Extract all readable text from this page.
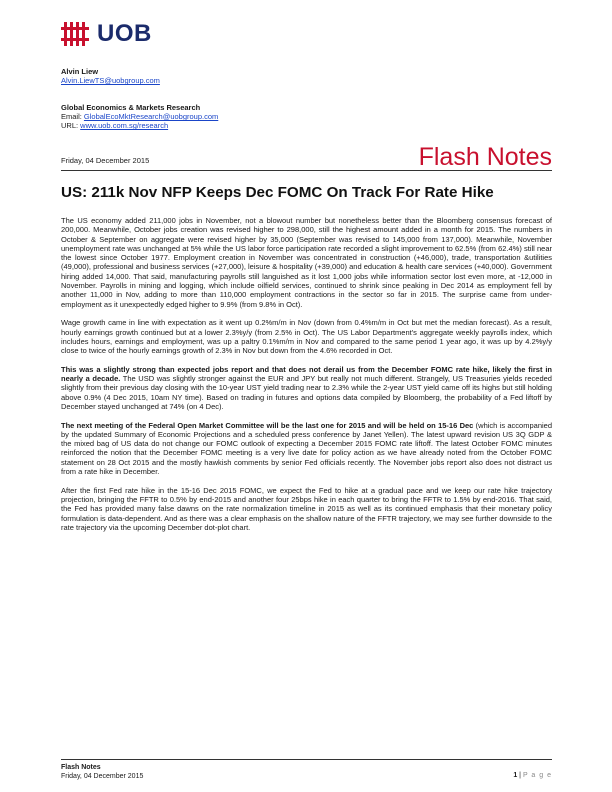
UOB
Alvin Liew
Alvin.LiewTS@uobgroup.com
Global Economics & Markets Research
Email: GlobalEcoMktResearch@uobgroup.com
URL: www.uob.com.sg/research
Friday, 04 December 2015	Flash Notes
US: 211k Nov NFP Keeps Dec FOMC On Track For Rate Hike

The US economy added 211,000 jobs in November, not a blowout number but nonetheless better than the Bloomberg consensus forecast of 200,000. Meanwhile, October jobs creation was revised higher to 298,000, still the highest amount added in a month for 2015. The numbers in October & September on aggregate were revised higher by 35,000 (September was revised to 145,000 from 137,000). Meanwhile, November unemployment rate was unchanged at 5% while the US labor force participation rate recorded a slight improvement to 62.5% (from 62.4%) still near the lowest since October 1977. Employment creation in November was concentrated in construction (+46,000), trade, transportation &utilities (49,000), professional and business services (+27,000), leisure & hospitality (+39,000) and education & health care services (+40,000). Government hiring added 14,000. That said, manufacturing payrolls still languished as it lost 1,000 jobs while information sector lost even more, at -12,000 in November. Payrolls in mining and logging, which include oilfield services, continued to shrink since peaking in Dec 2014 as employment fell by another 11,000 in Nov, adding to more than 110,000 employment contractions in the sector so far in 2015. The surprise came from under-employment as it unexpectedly edged higher to 9.9% (from 9.8% in Oct).

Wage growth came in line with expectation as it went up 0.2%m/m in Nov (down from 0.4%m/m in Oct but met the median forecast). As a result, hourly earnings growth continued but at a lower 2.3%y/y (from 2.5% in Oct). The US Labor Department's aggregate weekly payrolls index, which includes hours, earnings and employment, was up a paltry 0.1%m/m in Nov and compared to the same period 1 year ago, it was up by 4.2%y/y close to twice of the hourly earnings growth of 2.3% in Nov but down from the 4.6% recorded in Oct.

This was a slightly strong than expected jobs report and that does not derail us from the December FOMC rate hike, likely the first in nearly a decade. The USD was slightly stronger against the EUR and JPY but really not much different. Strangely, US Treasuries yields receded slightly from their previous day closing with the 10-year UST yield trading near to 2.3% while the 2-year UST yield came off its highs but still holding above 0.9% (4 Dec 2015, 10am NY time). Based on trading in futures and options data compiled by Bloomberg, the probability of a Fed liftoff by December stayed unchanged at 74% (on 4 Dec).

The next meeting of the Federal Open Market Committee will be the last one for 2015 and will be held on 15-16 Dec (which is accompanied by the updated Summary of Economic Projections and a scheduled press conference by Janet Yellen). The latest upward revision US 3Q GDP & the mixed bag of US data do not change our FOMC outlook of expecting a December 2015 FOMC rate liftoff. The latest October FOMC minutes reinforced the notion that the December FOMC meeting is a very live date for policy action as we have already noted from the October FOMC statement on 28 Oct 2015 and the mostly hawkish comments by senior Fed officials recently. The November jobs report also does not distract us from a rate hike in December.

After the first Fed rate hike in the 15-16 Dec 2015 FOMC, we expect the Fed to hike at a gradual pace and we keep our rate hike trajectory projection, bringing the FFTR to 0.5% by end-2015 and another four 25bps hike in each quarter to bring the FFTR to 1.5% by end-2016. That said, the Fed has provided many false dawns on the rate normalization timeline in 2015 as well as its continued emphasis that their monetary policy formulation is data-dependent. And as there was a clear emphasis on the shallow nature of the FFTR trajectory, we may see further downside to the rate trajectory via the upcoming December dot-plot chart.

Flash Notes
Friday, 04 December 2015	1 | P a g e
